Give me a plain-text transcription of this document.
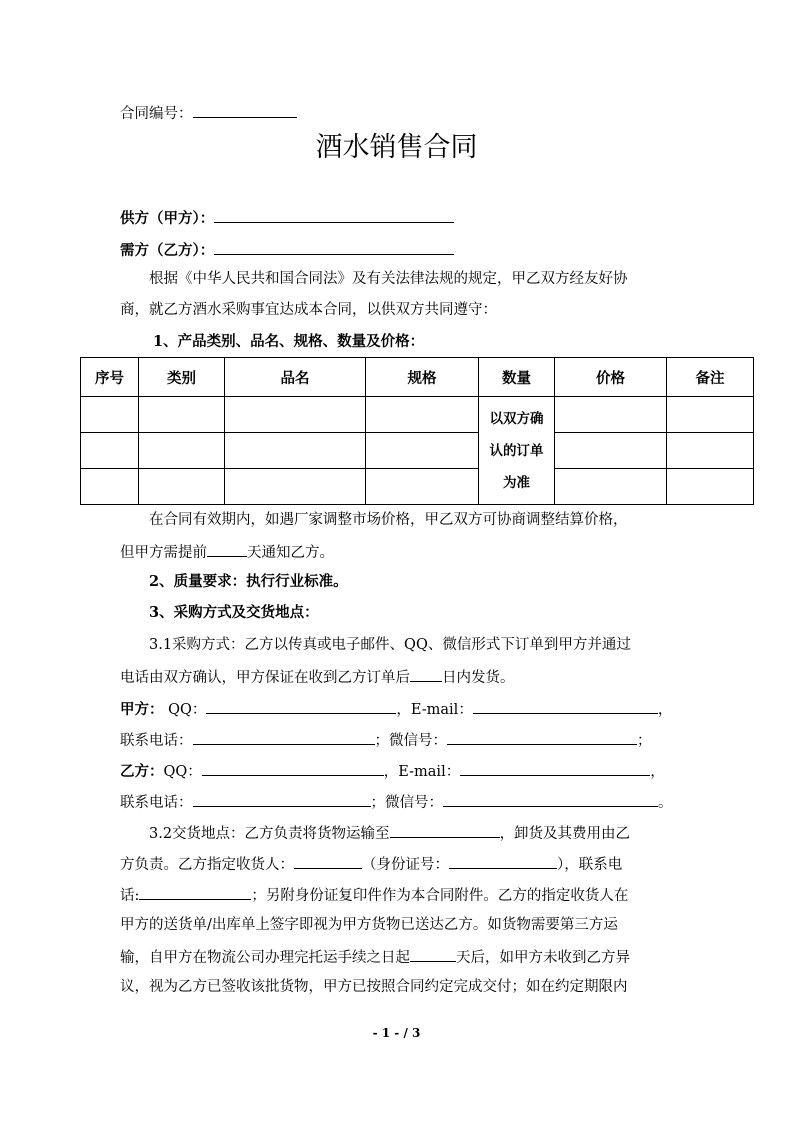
合同编号：
酒水销售合同
供方（甲方）：
需方（乙方）：
根据《中华人民共和国合同法》及有关法律法规的规定，甲乙双方经友好协
商，就乙方酒水采购事宜达成本合同，以供双方共同遵守：
1、产品类别、品名、规格、数量及价格：
序号	类别	品名	规格	数量	价格	备注

				以双方确
认的订单
为准		

在合同有效期内，如遇厂家调整市场价格，甲乙双方可协商调整结算价格，
但甲方需提前	天通知乙方。
2、质量要求：执行行业标准。
3、采购方式及交货地点：
3.1采购方式：乙方以传真或电子邮件、QQ、微信形式下订单到甲方并通过
电话由双方确认，甲方保证在收到乙方订单后 日内发货。
甲方： QQ：	，E-mail：	，
联系电话：	；微信号：	；
乙方：QQ：	，E-mail：	，
联系电话：	；微信号：	。
3.2交货地点：乙方负责将货物运输至	，卸货及其费用由乙
方负责。乙方指定收货人：	（身份证号：	），联系电
话:	；另附身份证复印件作为本合同附件。乙方的指定收货人在
甲方的送货单/出库单上签字即视为甲方货物已送达乙方。如货物需要第三方运
输，自甲方在物流公司办理完托运手续之日起	天后，如甲方未收到乙方异
议，视为乙方已签收该批货物，甲方已按照合同约定完成交付；如在约定期限内
- 1 - / 3
